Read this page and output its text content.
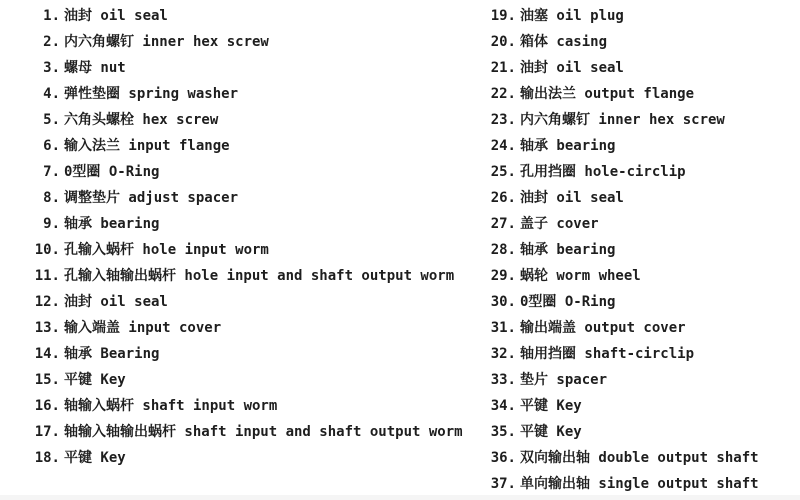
1. 油封 oil seal
2. 内六角螺钉 inner hex screw
3. 螺母 nut
4. 弹性垫圈 spring washer
5. 六角头螺栓 hex screw
6. 输入法兰 input flange
7. 0型圈 O-Ring
8. 调整垫片 adjust spacer
9. 轴承 bearing
10. 孔输入蜗杆 hole input worm
11. 孔输入轴输出蜗杆 hole input and shaft output worm
12. 油封 oil seal
13. 输入端盖 input cover
14. 轴承 Bearing
15. 平键 Key
16. 轴输入蜗杆 shaft input worm
17. 轴输入轴输出蜗杆 shaft input and shaft output worm
18. 平键 Key
19. 油塞 oil plug
20. 箱体 casing
21. 油封 oil seal
22. 输出法兰 output flange
23. 内六角螺钉 inner hex screw
24. 轴承 bearing
25. 孔用挡圈 hole-circlip
26. 油封 oil seal
27. 盖子 cover
28. 轴承 bearing
29. 蜗轮 worm wheel
30. 0型圈 O-Ring
31. 输出端盖 output cover
32. 轴用挡圈 shaft-circlip
33. 垫片 spacer
34. 平键 Key
35. 平键 Key
36. 双向输出轴 double output shaft
37. 单向输出轴 single output shaft
